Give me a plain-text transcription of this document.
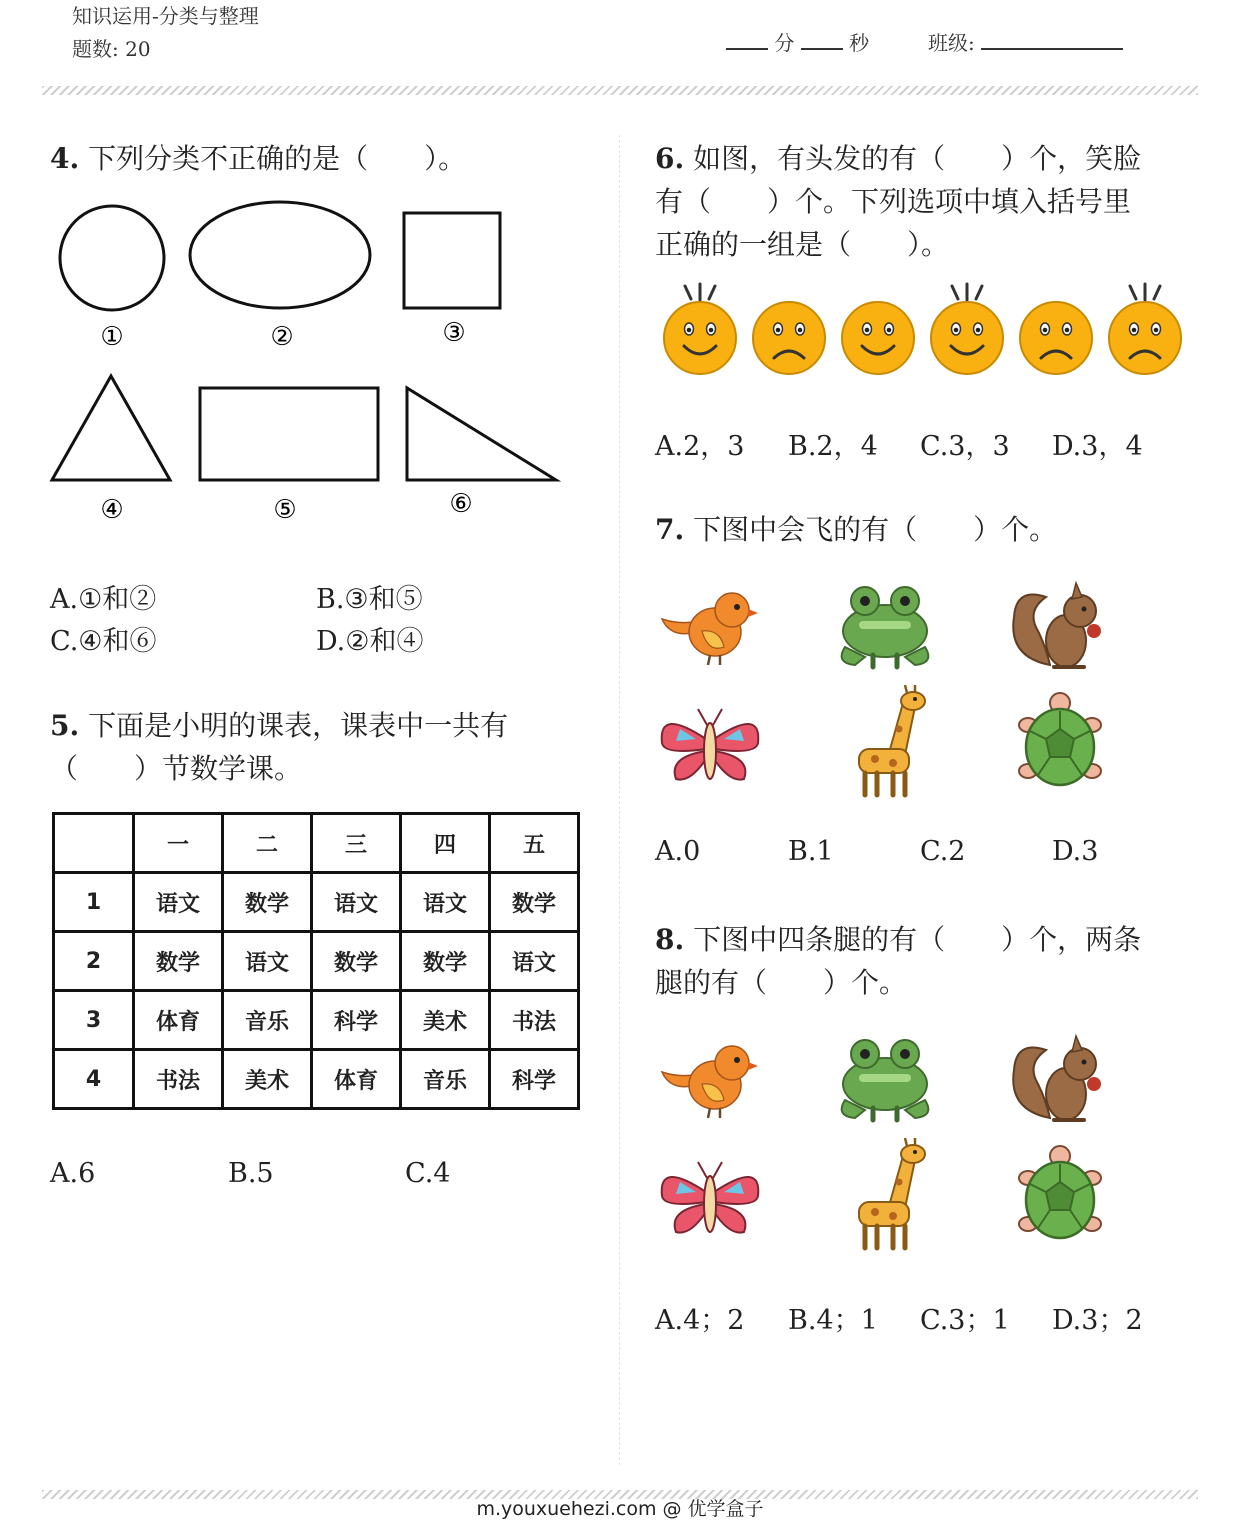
知识运用-分类与整理
题数: 20	分	秒	班级:
4. 下列分类不正确的是（　　）。
①	②	③
④	⑤	⑥
A.①和②	B.③和⑤
C.④和⑥	D.②和④
5. 下面是小明的课表，课表中一共有
（　　）节数学课。
	一	二	三	四	五
1	语文	数学	语文	语文	数学
2	数学	语文	数学	数学	语文
3	体育	音乐	科学	美术	书法
4	书法	美术	体育	音乐	科学
A.6	B.5	C.4
6. 如图，有头发的有（　　）个，笑脸
有（　　）个。下列选项中填入括号里
正确的一组是（　　）。
A.2，3 B.2，4 C.3，3 D.3，4
7. 下图中会飞的有（　　）个。
A.0	B.1	C.2	D.3
8. 下图中四条腿的有（　　）个，两条
腿的有（　　）个。
A.4；2 B.4；1 C.3；1 D.3；2
m.youxuehezi.com @ 优学盒子
